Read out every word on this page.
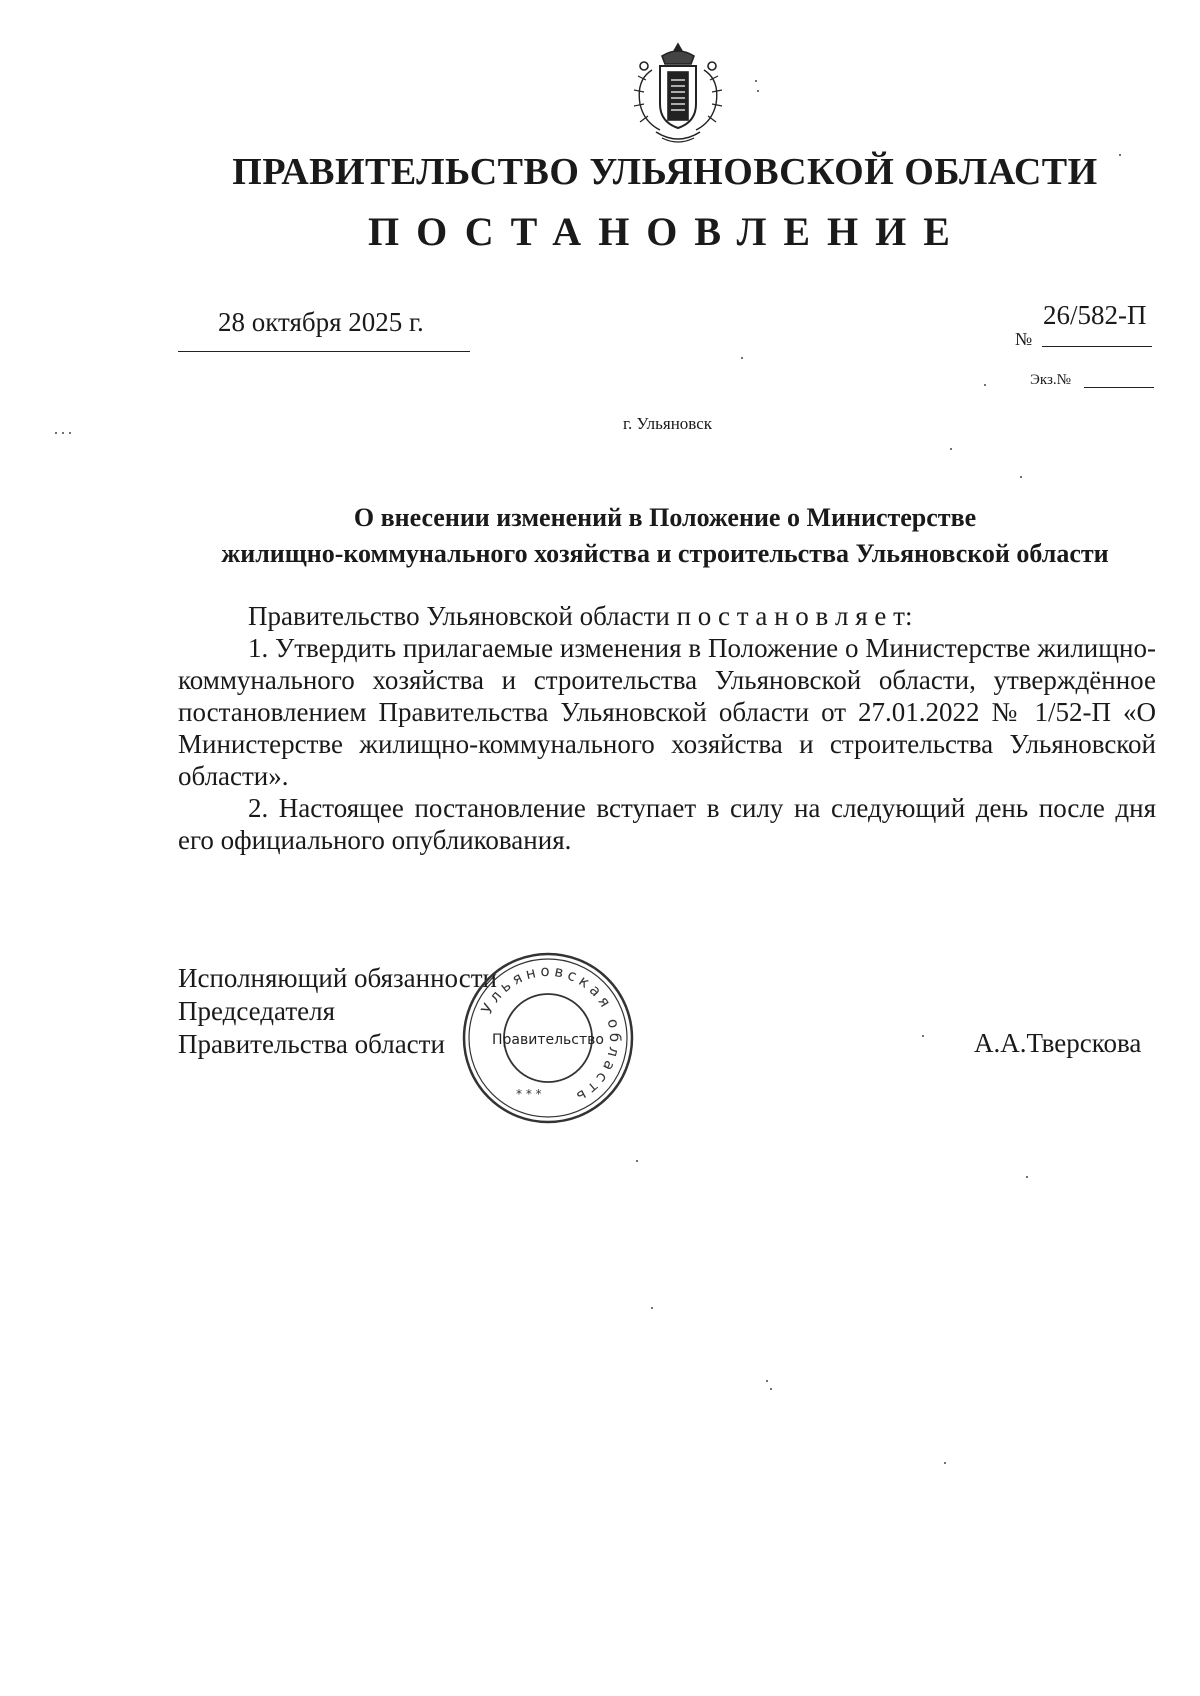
ПРАВИТЕЛЬСТВО УЛЬЯНОВСКОЙ ОБЛАСТИ
ПОСТАНОВЛЕНИЕ
28 октября 2025 г.
№
26/582-П
Экз.№
г. Ульяновск
О внесении изменений в Положение о Министерстве
жилищно-коммунального хозяйства и строительства Ульяновской области

Правительство Ульяновской области п о с т а н о в л я е т:

1. Утвердить прилагаемые изменения в Положение о Министерстве жилищно-коммунального хозяйства и строительства Ульяновской области, утверждённое постановлением Правительства Ульяновской области от 27.01.2022 № 1/52-П «О Министерстве жилищно-коммунального хозяйства и строительства Ульяновской области».

2. Настоящее постановление вступает в силу на следующий день после дня его официального опубликования.

Исполняющий обязанности
Председателя
Правительства области	А.А.Тверскова
Ульяновская область
Правительство
* * *
